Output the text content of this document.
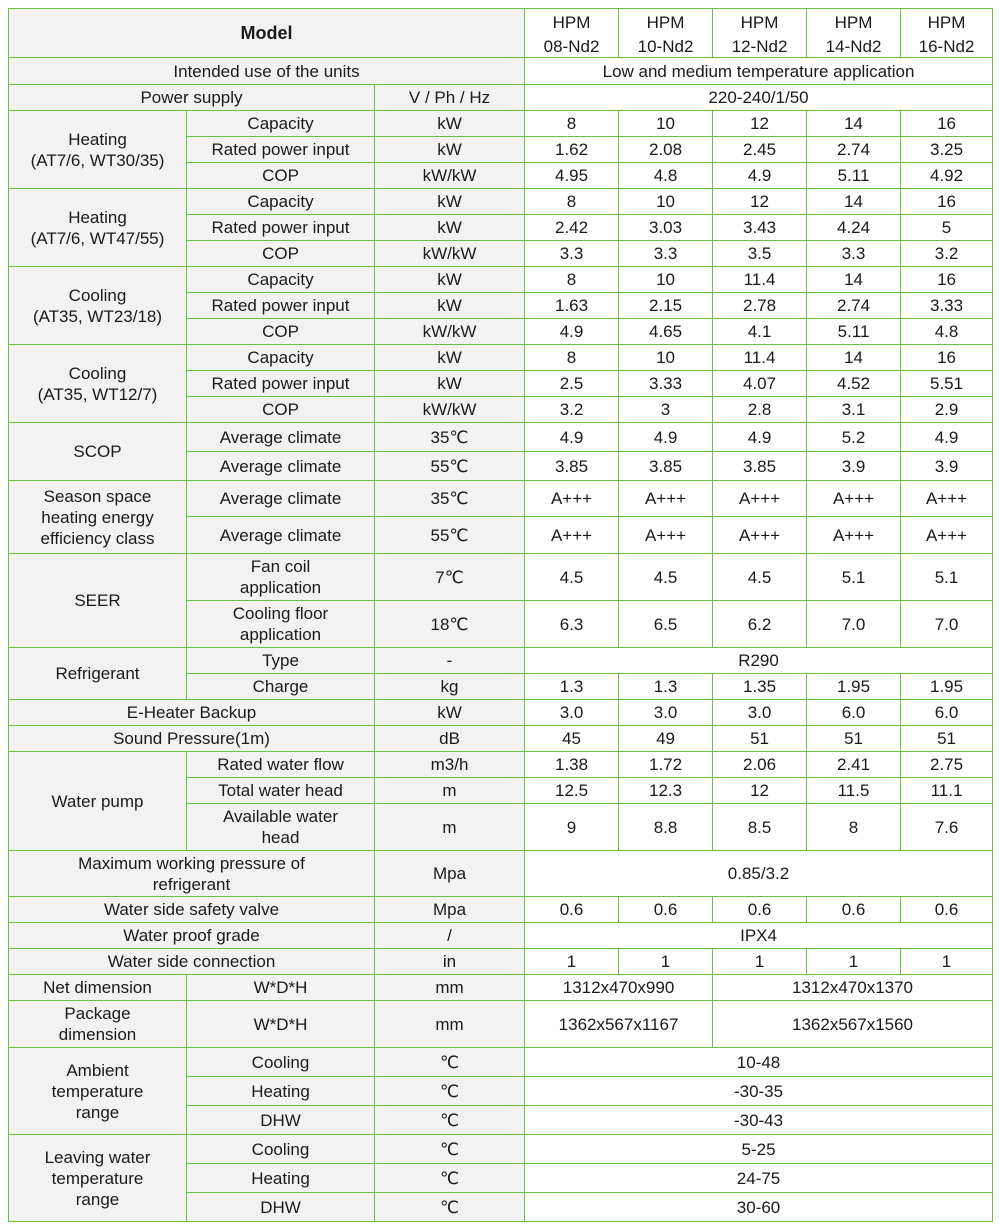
Model			HPM	HPM	HPM	HPM	HPM
			08-Nd2	10-Nd2	12-Nd2	14-Nd2	16-Nd2
Intended use of the units			Low and medium temperature application				
Power supply		V / Ph / Hz	220-240/1/50				
Heating
(AT7/6, WT30/35)	Capacity	kW	8	10	12	14	16
	Rated power input	kW	1.62	2.08	2.45	2.74	3.25
	COP	kW/kW	4.95	4.8	4.9	5.11	4.92
Heating
(AT7/6, WT47/55)	Capacity	kW	8	10	12	14	16
	Rated power input	kW	2.42	3.03	3.43	4.24	5
	COP	kW/kW	3.3	3.3	3.5	3.3	3.2
Cooling
(AT35, WT23/18)	Capacity	kW	8	10	11.4	14	16
	Rated power input	kW	1.63	2.15	2.78	2.74	3.33
	COP	kW/kW	4.9	4.65	4.1	5.11	4.8
Cooling
(AT35, WT12/7)	Capacity	kW	8	10	11.4	14	16
	Rated power input	kW	2.5	3.33	4.07	4.52	5.51
	COP	kW/kW	3.2	3	2.8	3.1	2.9
SCOP	Average climate	35℃	4.9	4.9	4.9	5.2	4.9
	Average climate	55℃	3.85	3.85	3.85	3.9	3.9
Season space
heating energy
efficiency class	Average climate	35℃	A+++	A+++	A+++	A+++	A+++
	Average climate	55℃	A+++	A+++	A+++	A+++	A+++
SEER	Fan coil
application	7℃	4.5	4.5	4.5	5.1	5.1
	Cooling floor
application	18℃	6.3	6.5	6.2	7.0	7.0
Refrigerant	Type	-	R290				
	Charge	kg	1.3	1.3	1.35	1.95	1.95
E-Heater Backup		kW	3.0	3.0	3.0	6.0	6.0
Sound Pressure(1m)		dB	45	49	51	51	51
Water pump	Rated water flow	m3/h	1.38	1.72	2.06	2.41	2.75
	Total water head	m	12.5	12.3	12	11.5	11.1
	Available water
head	m	9	8.8	8.5	8	7.6
Maximum working pressure of
refrigerant		Mpa	0.85/3.2				
Water side safety valve		Mpa	0.6	0.6	0.6	0.6	0.6
Water proof grade		/	IPX4				
Water side connection		in	1	1	1	1	1
Net dimension	W*D*H	mm	1312x470x990		1312x470x1370		
Package
dimension	W*D*H	mm	1362x567x1167		1362x567x1560		
Ambient
temperature
range	Cooling	℃	10-48				
	Heating	℃	-30-35				
	DHW	℃	-30-43				
Leaving water
temperature
range	Cooling	℃	5-25				
	Heating	℃	24-75				
	DHW	℃	30-60				
